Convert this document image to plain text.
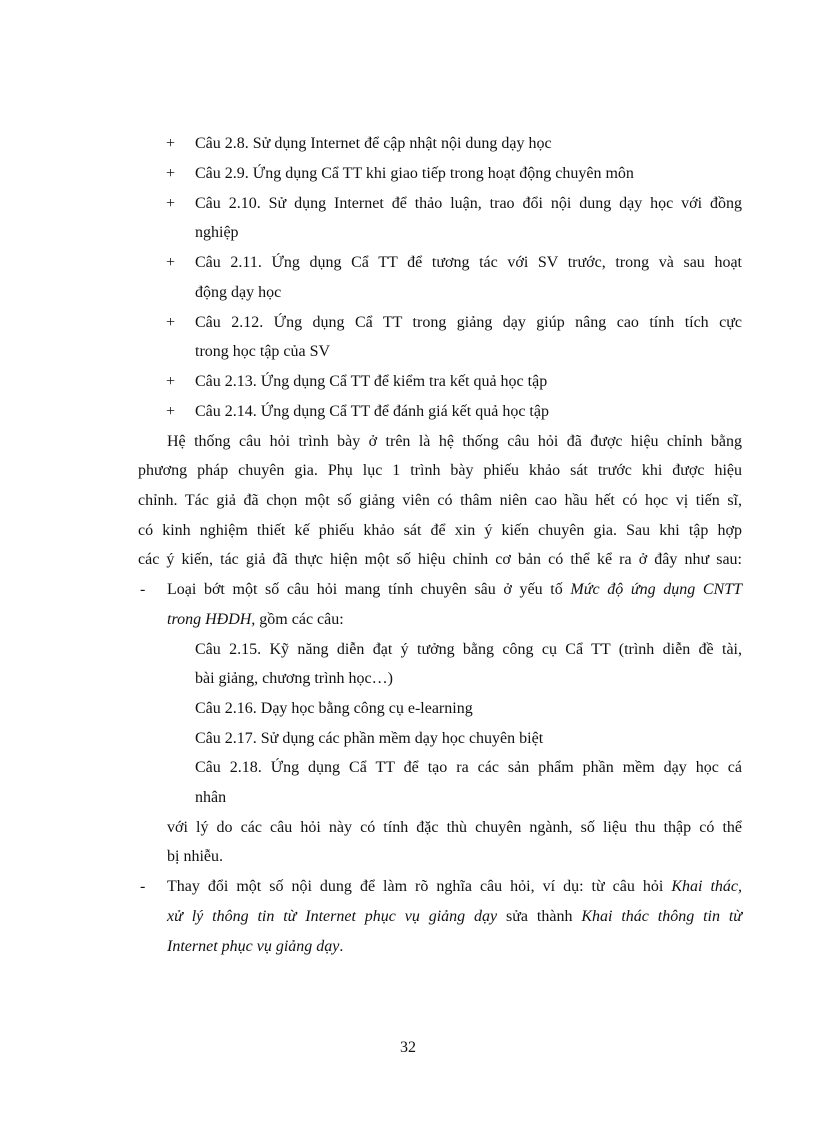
+ Câu 2.8. Sử dụng Internet để cập nhật nội dung dạy học
+ Câu 2.9. Ứng dụng Cẩ TT khi giao tiếp trong hoạt động chuyên môn
+ Câu 2.10. Sử dụng Internet để thảo luận, trao đổi nội dung dạy học với đồng
nghiệp
+ Câu 2.11. Ứng dụng Cẩ TT để tương tác với SV trước, trong và sau hoạt
động dạy học
+ Câu 2.12. Ứng dụng Cẩ TT trong giảng dạy giúp nâng cao tính tích cực
trong học tập của SV
+ Câu 2.13. Ứng dụng Cẩ TT để kiểm tra kết quả học tập
+ Câu 2.14. Ứng dụng Cẩ TT để đánh giá kết quả học tập
Hệ thống câu hỏi trình bày ở trên là hệ thống câu hỏi đã được hiệu chỉnh bằng
phương pháp chuyên gia. Phụ lục 1 trình bày phiếu khảo sát trước khi được hiệu
chỉnh. Tác giả đã chọn một số giảng viên có thâm niên cao hầu hết có học vị tiến sĩ,
có kinh nghiệm thiết kế phiếu khảo sát để xin ý kiến chuyên gia. Sau khi tập hợp
các ý kiến, tác giả đã thực hiện một số hiệu chỉnh cơ bản có thể kể ra ở đây như sau:
- Loại bớt một số câu hỏi mang tính chuyên sâu ở yếu tố Mức độ ứng dụng CNTT
trong HĐDH, gồm các câu:
Câu 2.15. Kỹ năng diễn đạt ý tưởng bằng công cụ Cẩ TT (trình diễn đề tài,
bài giảng, chương trình học…)
Câu 2.16. Dạy học bằng công cụ e-learning
Câu 2.17. Sử dụng các phần mềm dạy học chuyên biệt
Câu 2.18. Ứng dụng Cẩ TT để tạo ra các sản phẩm phần mềm dạy học cá
nhân
với lý do các câu hỏi này có tính đặc thù chuyên ngành, số liệu thu thập có thể
bị nhiễu.
- Thay đổi một số nội dung để làm rõ nghĩa câu hỏi, ví dụ: từ câu hỏi Khai thác,
xử lý thông tin từ Internet phục vụ giảng dạy sửa thành Khai thác thông tin từ
Internet phục vụ giảng dạy.
32
